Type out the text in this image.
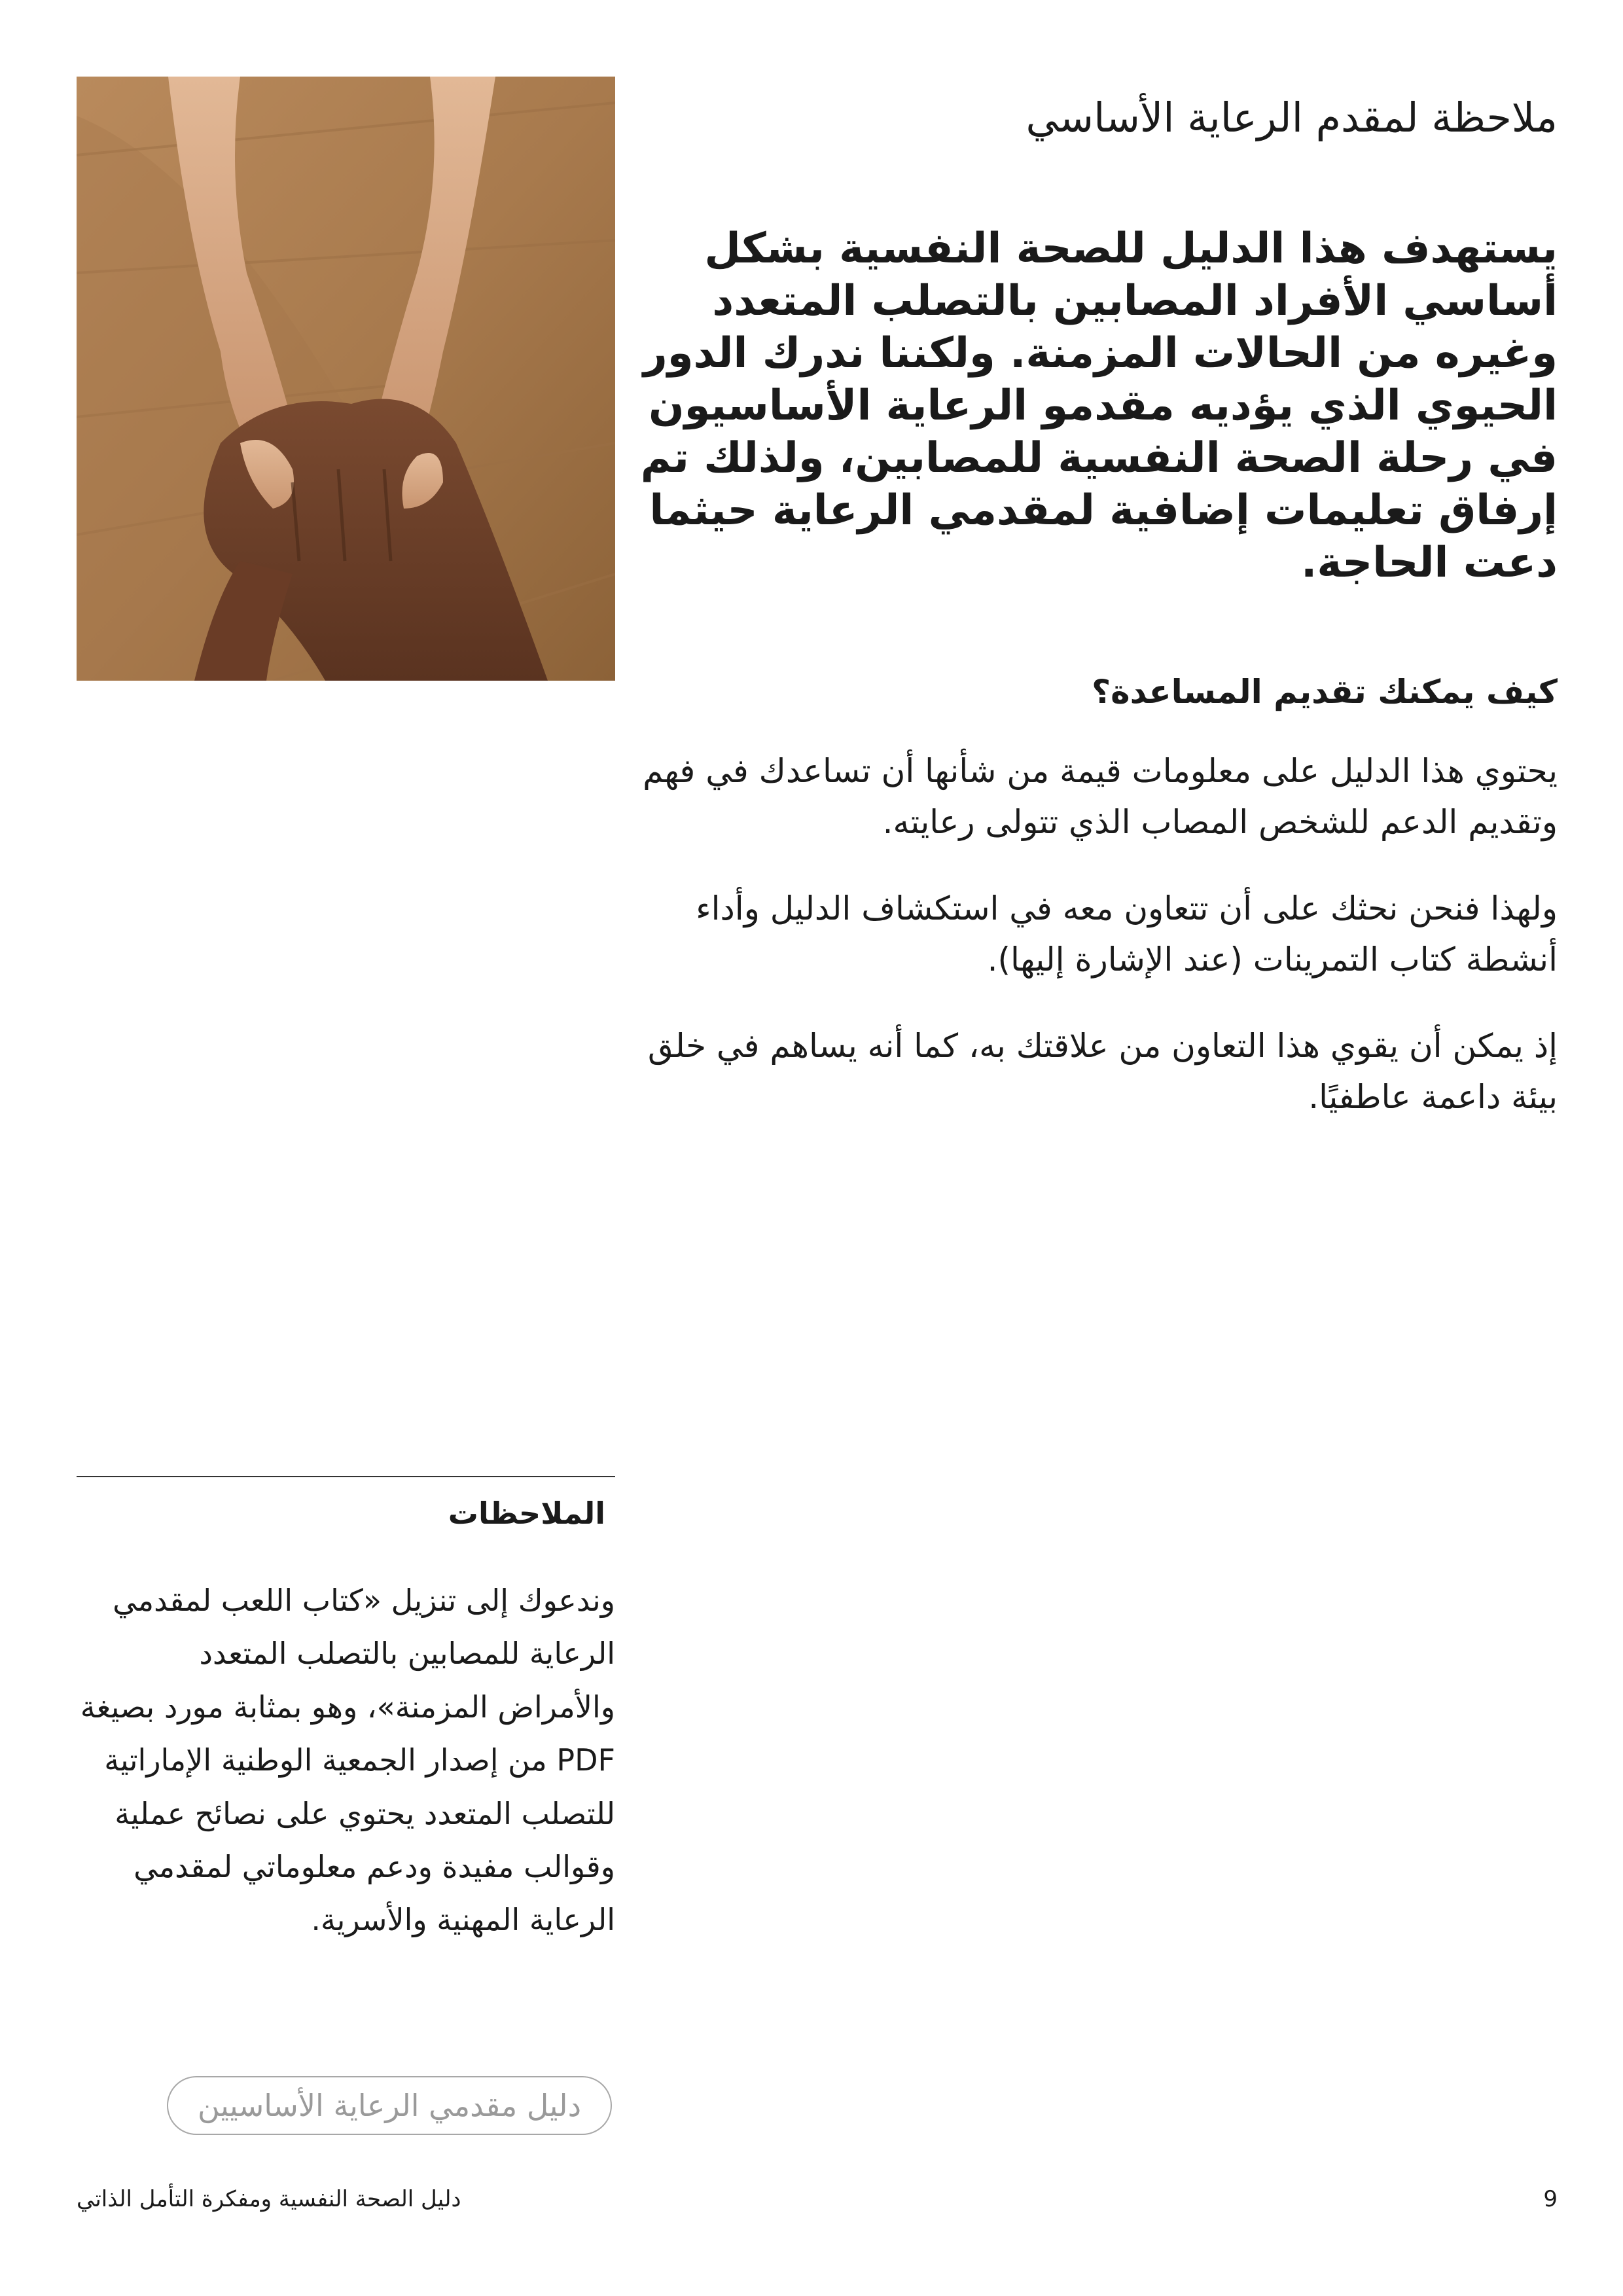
ملاحظة لمقدم الرعاية الأساسي

يستهدف هذا الدليل للصحة النفسية بشكل أساسي الأفراد المصابين بالتصلب المتعدد وغيره من الحالات المزمنة. ولكننا ندرك الدور الحيوي الذي يؤديه مقدمو الرعاية الأساسيون في رحلة الصحة النفسية للمصابين، ولذلك تم إرفاق تعليمات إضافية لمقدمي الرعاية حيثما دعت الحاجة.

كيف يمكنك تقديم المساعدة؟

يحتوي هذا الدليل على معلومات قيمة من شأنها أن تساعدك في فهم وتقديم الدعم للشخص المصاب الذي تتولى رعايته.

ولهذا فنحن نحثك على أن تتعاون معه في استكشاف الدليل وأداء أنشطة كتاب التمرينات (عند الإشارة إليها).

إذ يمكن أن يقوي هذا التعاون من علاقتك به، كما أنه يساهم في خلق بيئة داعمة عاطفيًا.

الملاحظات

وندعوك إلى تنزيل «كتاب اللعب لمقدمي الرعاية للمصابين بالتصلب المتعدد والأمراض المزمنة»، وهو بمثابة مورد بصيغة PDF من إصدار الجمعية الوطنية الإماراتية للتصلب المتعدد يحتوي على نصائح عملية وقوالب مفيدة ودعم معلوماتي لمقدمي الرعاية المهنية والأسرية.

دليل مقدمي الرعاية الأساسيين
دليل الصحة النفسية ومفكرة التأمل الذاتي	9
